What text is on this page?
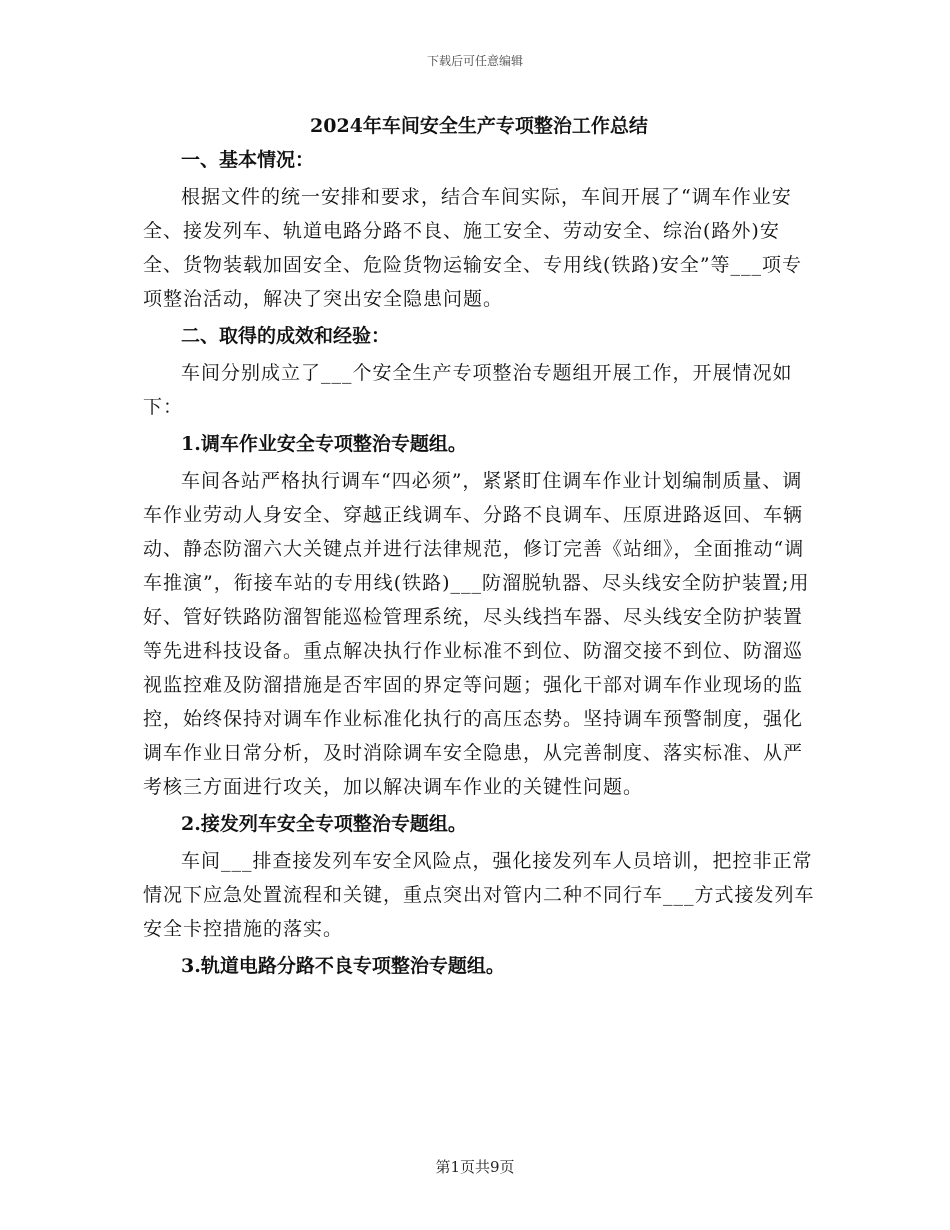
下载后可任意编辑
2024年车间安全生产专项整治工作总结
一、基本情况：
根据文件的统一安排和要求，结合车间实际，车间开展了“调车作业安全、接发列车、轨道电路分路不良、施工安全、劳动安全、综治(路外)安全、货物装载加固安全、危险货物运输安全、专用线(铁路)安全”等___项专项整治活动，解决了突出安全隐患问题。
二、取得的成效和经验：
车间分别成立了___个安全生产专项整治专题组开展工作，开展情况如下：
1.调车作业安全专项整治专题组。
车间各站严格执行调车“四必须”，紧紧盯住调车作业计划编制质量、调车作业劳动人身安全、穿越正线调车、分路不良调车、压原进路返回、车辆动、静态防溜六大关键点并进行法律规范，修订完善《站细》，全面推动“调车推演”，衔接车站的专用线(铁路)___防溜脱轨器、尽头线安全防护装置;用好、管好铁路防溜智能巡检管理系统，尽头线挡车器、尽头线安全防护装置等先进科技设备。重点解决执行作业标准不到位、防溜交接不到位、防溜巡视监控难及防溜措施是否牢固的界定等问题；强化干部对调车作业现场的监控，始终保持对调车作业标准化执行的高压态势。坚持调车预警制度，强化调车作业日常分析，及时消除调车安全隐患，从完善制度、落实标准、从严考核三方面进行攻关，加以解决调车作业的关键性问题。
2.接发列车安全专项整治专题组。
车间___排查接发列车安全风险点，强化接发列车人员培训，把控非正常情况下应急处置流程和关键，重点突出对管内二种不同行车___方式接发列车安全卡控措施的落实。
3.轨道电路分路不良专项整治专题组。
第1页共9页
